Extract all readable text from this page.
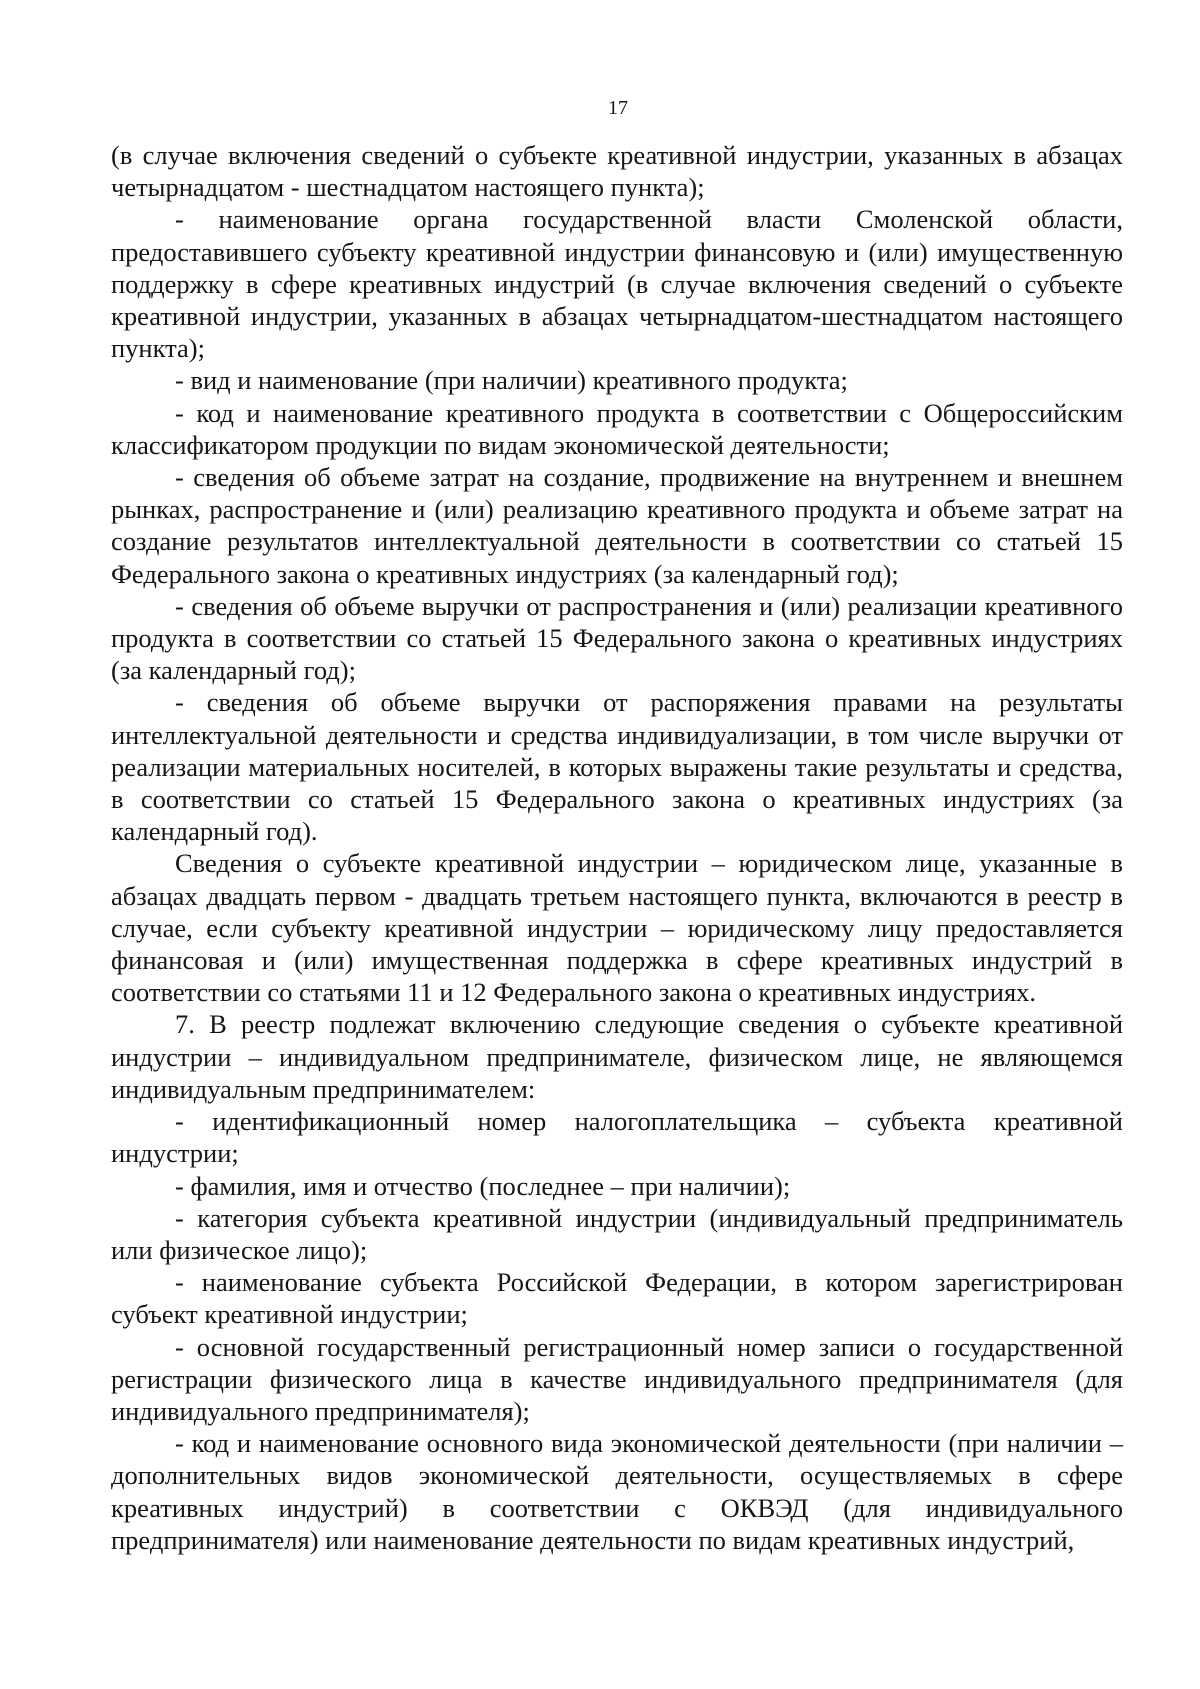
17

(в случае включения сведений о субъекте креативной индустрии, указанных в абзацах четырнадцатом - шестнадцатом настоящего пункта);

- наименование органа государственной власти Смоленской области, предоставившего субъекту креативной индустрии финансовую и (или) имущественную поддержку в сфере креативных индустрий (в случае включения сведений о субъекте креативной индустрии, указанных в абзацах четырнадцатом-шестнадцатом настоящего пункта);

- вид и наименование (при наличии) креативного продукта;

- код и наименование креативного продукта в соответствии с Общероссийским классификатором продукции по видам экономической деятельности;

- сведения об объеме затрат на создание, продвижение на внутреннем и внешнем рынках, распространение и (или) реализацию креативного продукта и объеме затрат на создание результатов интеллектуальной деятельности в соответствии со статьей 15 Федерального закона о креативных индустриях (за календарный год);

- сведения об объеме выручки от распространения и (или) реализации креативного продукта в соответствии со статьей 15 Федерального закона о креативных индустриях (за календарный год);

- сведения об объеме выручки от распоряжения правами на результаты интеллектуальной деятельности и средства индивидуализации, в том числе выручки от реализации материальных носителей, в которых выражены такие результаты и средства, в соответствии со статьей 15 Федерального закона о креативных индустриях (за календарный год).

Сведения о субъекте креативной индустрии – юридическом лице, указанные в абзацах двадцать первом - двадцать третьем настоящего пункта, включаются в реестр в случае, если субъекту креативной индустрии – юридическому лицу предоставляется финансовая и (или) имущественная поддержка в сфере креативных индустрий в соответствии со статьями 11 и 12 Федерального закона о креативных индустриях.

7. В реестр подлежат включению следующие сведения о субъекте креативной индустрии – индивидуальном предпринимателе, физическом лице, не являющемся индивидуальным предпринимателем:

- идентификационный номер налогоплательщика – субъекта креативной индустрии;

- фамилия, имя и отчество (последнее – при наличии);

- категория субъекта креативной индустрии (индивидуальный предприниматель или физическое лицо);

- наименование субъекта Российской Федерации, в котором зарегистрирован субъект креативной индустрии;

- основной государственный регистрационный номер записи о государственной регистрации физического лица в качестве индивидуального предпринимателя (для индивидуального предпринимателя);

- код и наименование основного вида экономической деятельности (при наличии – дополнительных видов экономической деятельности, осуществляемых в сфере креативных индустрий) в соответствии с ОКВЭД (для индивидуального предпринимателя) или наименование деятельности по видам креативных индустрий,
